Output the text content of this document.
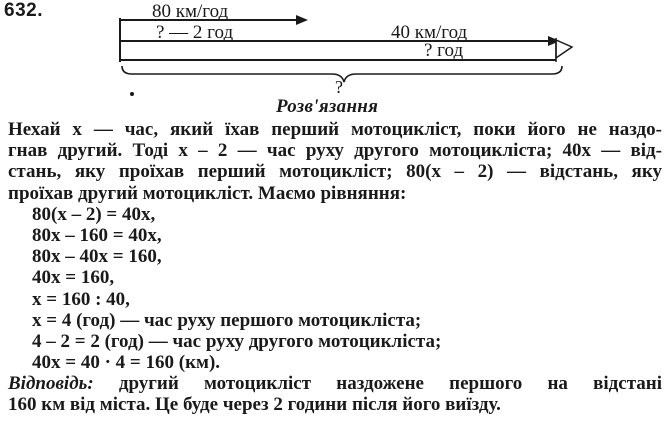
632.	80 км/год
? — 2 год	40 км/год
? год
?
Розв'язання
Нехай x — час, який їхав перший мотоцикліст, поки його не наздо-
гнав другий. Тоді x – 2 — час руху другого мотоцикліста; 40x — від-
стань, яку проїхав перший мотоцикліст; 80(x – 2) — відстань, яку
проїхав другий мотоцикліст. Маємо рівняння:
80(x – 2) = 40x,
80x – 160 = 40x,
80x – 40x = 160,
40x = 160,
x = 160 : 40,
x = 4 (год) — час руху першого мотоцикліста;
4 – 2 = 2 (год) — час руху другого мотоцикліста;
40x = 40 · 4 = 160 (км).
Відповідь: другий мотоцикліст наздожене першого на відстані
160 км від міста. Це буде через 2 години після його виїзду.
